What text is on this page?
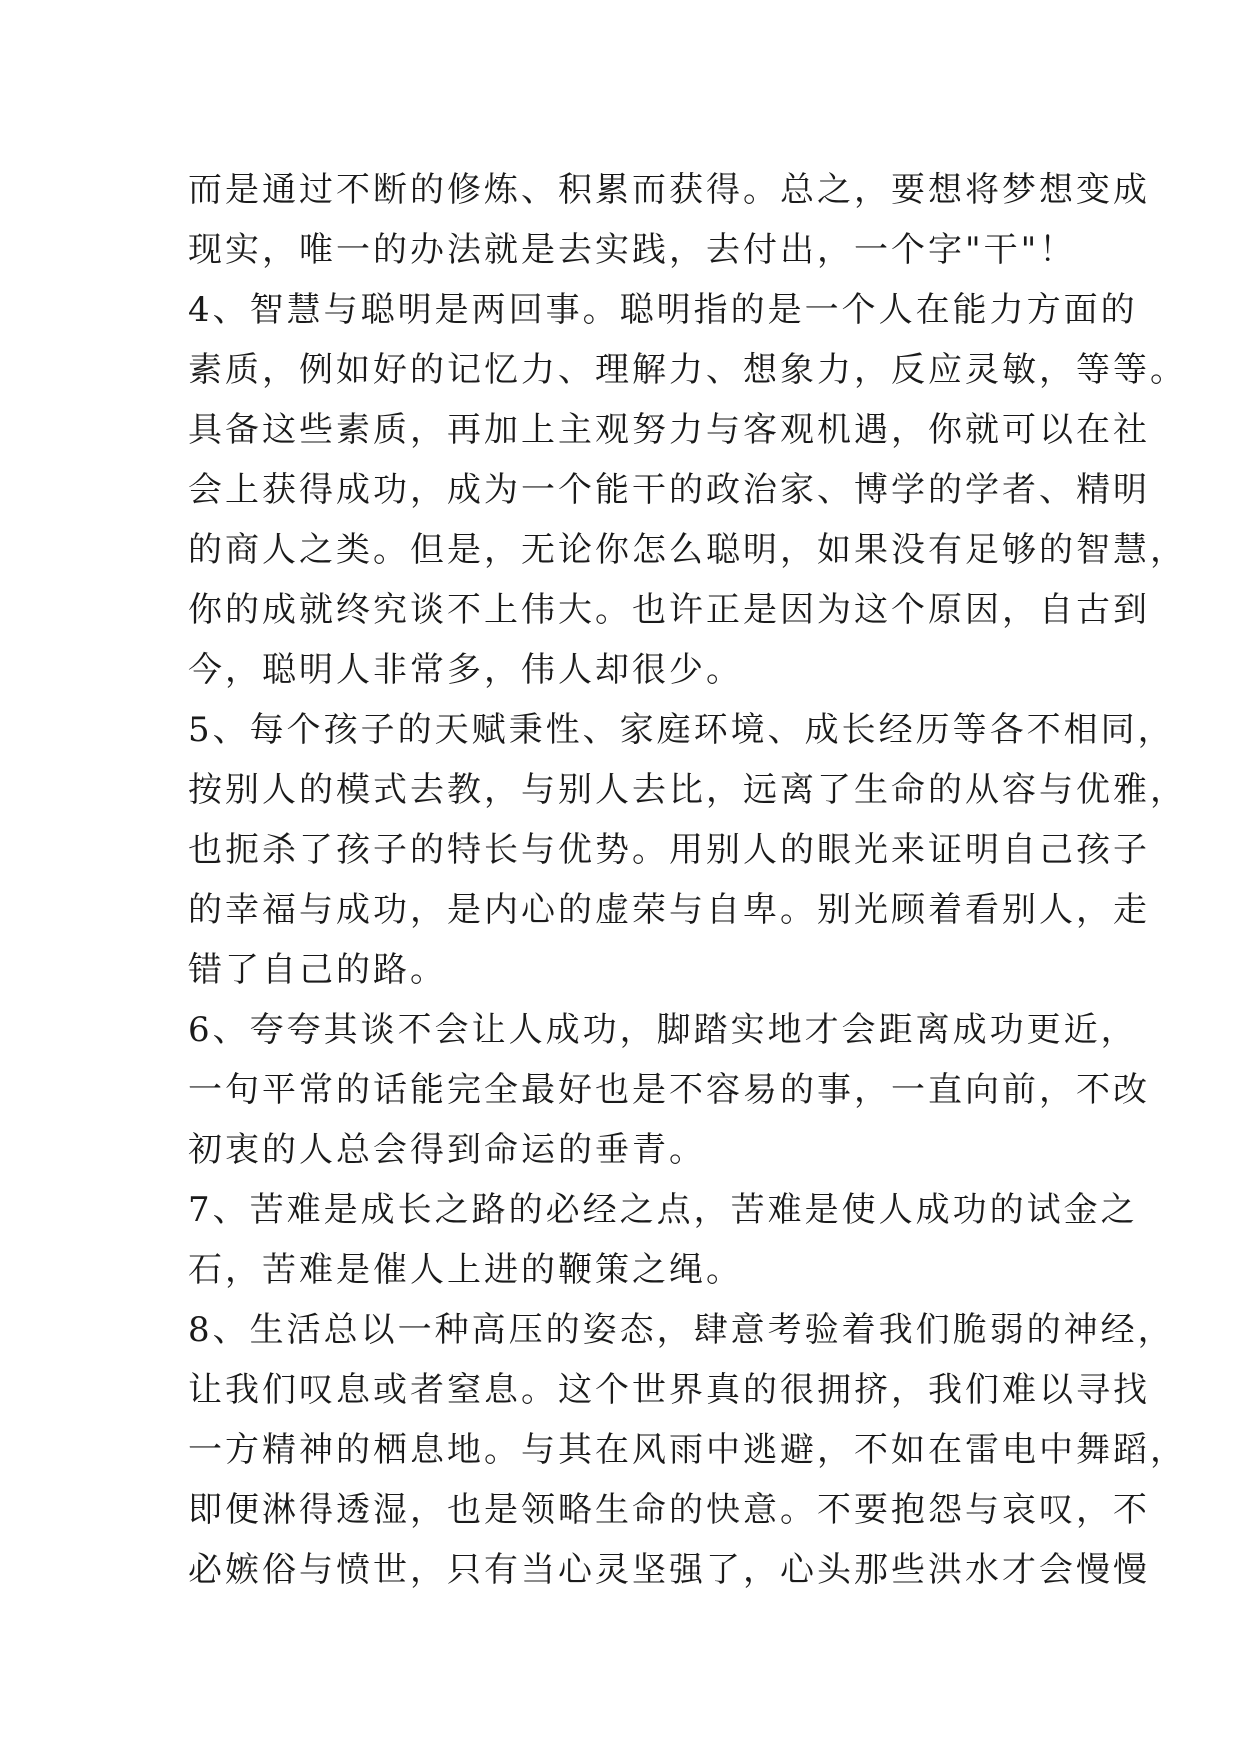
而是通过不断的修炼、积累而获得。总之，要想将梦想变成
现实，唯一的办法就是去实践，去付出，一个字"干"！
4、智慧与聪明是两回事。聪明指的是一个人在能力方面的
素质，例如好的记忆力、理解力、想象力，反应灵敏，等等。
具备这些素质，再加上主观努力与客观机遇，你就可以在社
会上获得成功，成为一个能干的政治家、博学的学者、精明
的商人之类。但是，无论你怎么聪明，如果没有足够的智慧，
你的成就终究谈不上伟大。也许正是因为这个原因，自古到
今，聪明人非常多，伟人却很少。
5、每个孩子的天赋秉性、家庭环境、成长经历等各不相同，
按别人的模式去教，与别人去比，远离了生命的从容与优雅，
也扼杀了孩子的特长与优势。用别人的眼光来证明自己孩子
的幸福与成功，是内心的虚荣与自卑。别光顾着看别人，走
错了自己的路。
6、夸夸其谈不会让人成功，脚踏实地才会距离成功更近，
一句平常的话能完全最好也是不容易的事，一直向前，不改
初衷的人总会得到命运的垂青。
7、苦难是成长之路的必经之点，苦难是使人成功的试金之
石，苦难是催人上进的鞭策之绳。
8、生活总以一种高压的姿态，肆意考验着我们脆弱的神经，
让我们叹息或者窒息。这个世界真的很拥挤，我们难以寻找
一方精神的栖息地。与其在风雨中逃避，不如在雷电中舞蹈，
即便淋得透湿，也是领略生命的快意。不要抱怨与哀叹，不
必嫉俗与愤世，只有当心灵坚强了，心头那些洪水才会慢慢
